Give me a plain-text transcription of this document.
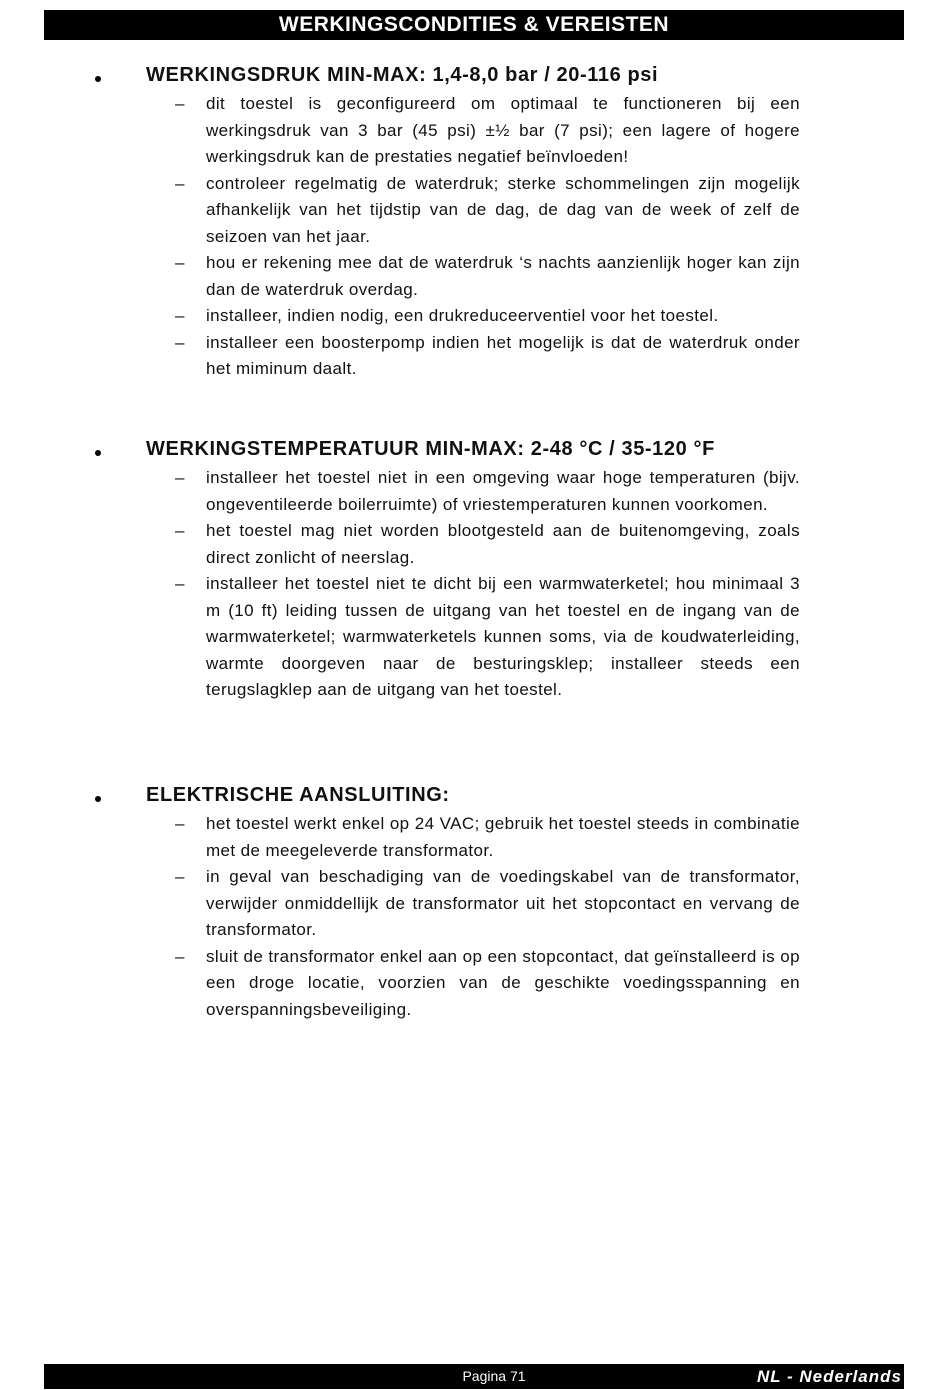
WERKINGSCONDITIES & VEREISTEN
WERKINGSDRUK MIN-MAX: 1,4-8,0 bar / 20-116 psi
– dit toestel is geconfigureerd om optimaal te functioneren bij een werkingsdruk van 3 bar (45 psi) ±½ bar (7 psi); een lagere of hogere werkingsdruk kan de prestaties negatief beïnvloeden!
– controleer regelmatig de waterdruk; sterke schommelingen zijn mogelijk afhankelijk van het tijdstip van de dag, de dag van de week of zelf de seizoen van het jaar.
– hou er rekening mee dat de waterdruk ‘s nachts aanzienlijk hoger kan zijn dan de waterdruk overdag.
– installeer, indien nodig, een drukreduceerventiel voor het toestel.
– installeer een boosterpomp indien het mogelijk is dat de waterdruk onder het miminum daalt.
WERKINGSTEMPERATUUR MIN-MAX: 2-48 °C / 35-120 °F
– installeer het toestel niet in een omgeving waar hoge temperaturen (bijv. ongeventileerde boilerruimte) of vriestemperaturen kunnen voorkomen.
– het toestel mag niet worden blootgesteld aan de buitenomgeving, zoals direct zonlicht of neerslag.
– installeer het toestel niet te dicht bij een warmwaterketel; hou minimaal 3 m (10 ft) leiding tussen de uitgang van het toestel en de ingang van de warmwaterketel; warmwaterketels kunnen soms, via de koudwaterleiding, warmte doorgeven naar de besturingsklep; installeer steeds een terugslagklep aan de uitgang van het toestel.
ELEKTRISCHE AANSLUITING:
– het toestel werkt enkel op 24 VAC; gebruik het toestel steeds in combinatie met de meegeleverde transformator.
– in geval van beschadiging van de voedingskabel van de transformator, verwijder onmiddellijk de transformator uit het stopcontact en vervang de transformator.
– sluit de transformator enkel aan op een stopcontact, dat geïnstalleerd is op een droge locatie, voorzien van de geschikte voedingsspanning en overspanningsbeveiliging.
Pagina 71	NL - Nederlands
